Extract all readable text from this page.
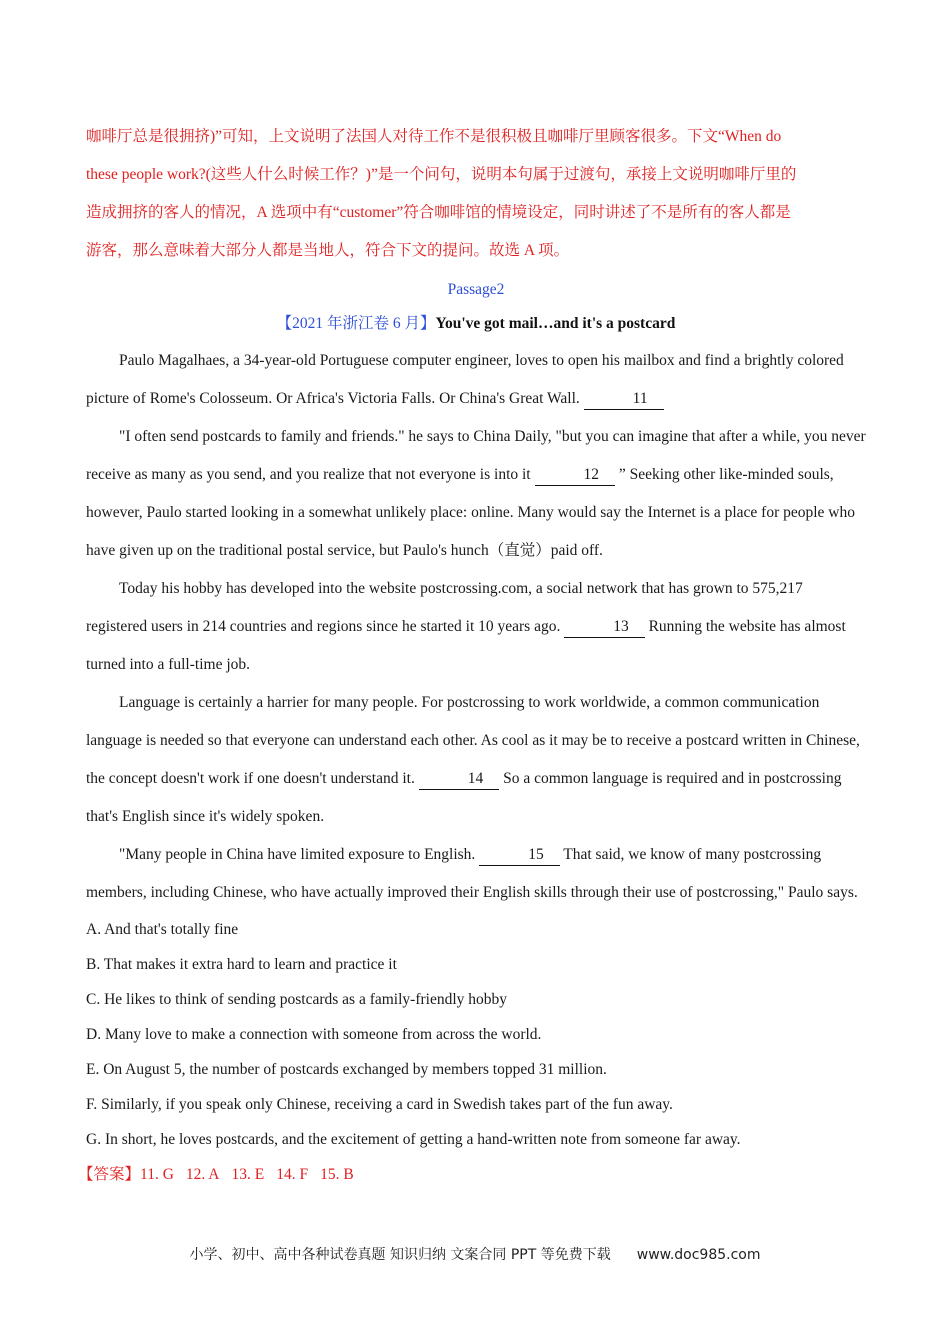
咖啡厅总是很拥挤)”可知，上文说明了法国人对待工作不是很积极且咖啡厅里顾客很多。下文“When do

these people work?(这些人什么时候工作？)”是一个问句，说明本句属于过渡句，承接上文说明咖啡厅里的

造成拥挤的客人的情况，A 选项中有“customer”符合咖啡馆的情境设定，同时讲述了不是所有的客人都是

游客，那么意味着大部分人都是当地人，符合下文的提问。故选 A 项。

Passage2

【2021 年浙江卷 6 月】You've got mail…and it's a postcard

Paulo Magalhaes, a 34-year-old Portuguese computer engineer, loves to open his mailbox and find a brightly colored picture of Rome's Colosseum. Or Africa's Victoria Falls. Or China's Great Wall.	11

"I often send postcards to family and friends." he says to China Daily, "but you can imagine that after a while, you never receive as many as you send, and you realize that not everyone is into it	12 ” Seeking other like-minded souls, however, Paulo started looking in a somewhat unlikely place: online. Many would say the Internet is a place for people who have given up on the traditional postal service, but Paulo's hunch（直觉）paid off.

Today his hobby has developed into the website postcrossing.com, a social network that has grown to 575,217 registered users in 214 countries and regions since he started it 10 years ago.	13 Running the website has almost turned into a full-time job.

Language is certainly a harrier for many people. For postcrossing to work worldwide, a common communication language is needed so that everyone can understand each other. As cool as it may be to receive a postcard written in Chinese, the concept doesn't work if one doesn't understand it.	14 So a common language is required and in postcrossing that's English since it's widely spoken.

"Many people in China have limited exposure to English.	15 That said, we know of many postcrossing members, including Chinese, who have actually improved their English skills through their use of postcrossing," Paulo says.

A. And that's totally fine

B. That makes it extra hard to learn and practice it

C. He likes to think of sending postcards as a family-friendly hobby

D. Many love to make a connection with someone from across the world.

E. On August 5, the number of postcards exchanged by members topped 31 million.

F. Similarly, if you speak only Chinese, receiving a card in Swedish takes part of the fun away.

G. In short, he loves postcards, and the excitement of getting a hand-written note from someone far away.

【答案】11. G 12. A 13. E 14. F 15. B

小学、初中、高中各种试卷真题 知识归纳 文案合同 PPT 等免费下载 www.doc985.com
